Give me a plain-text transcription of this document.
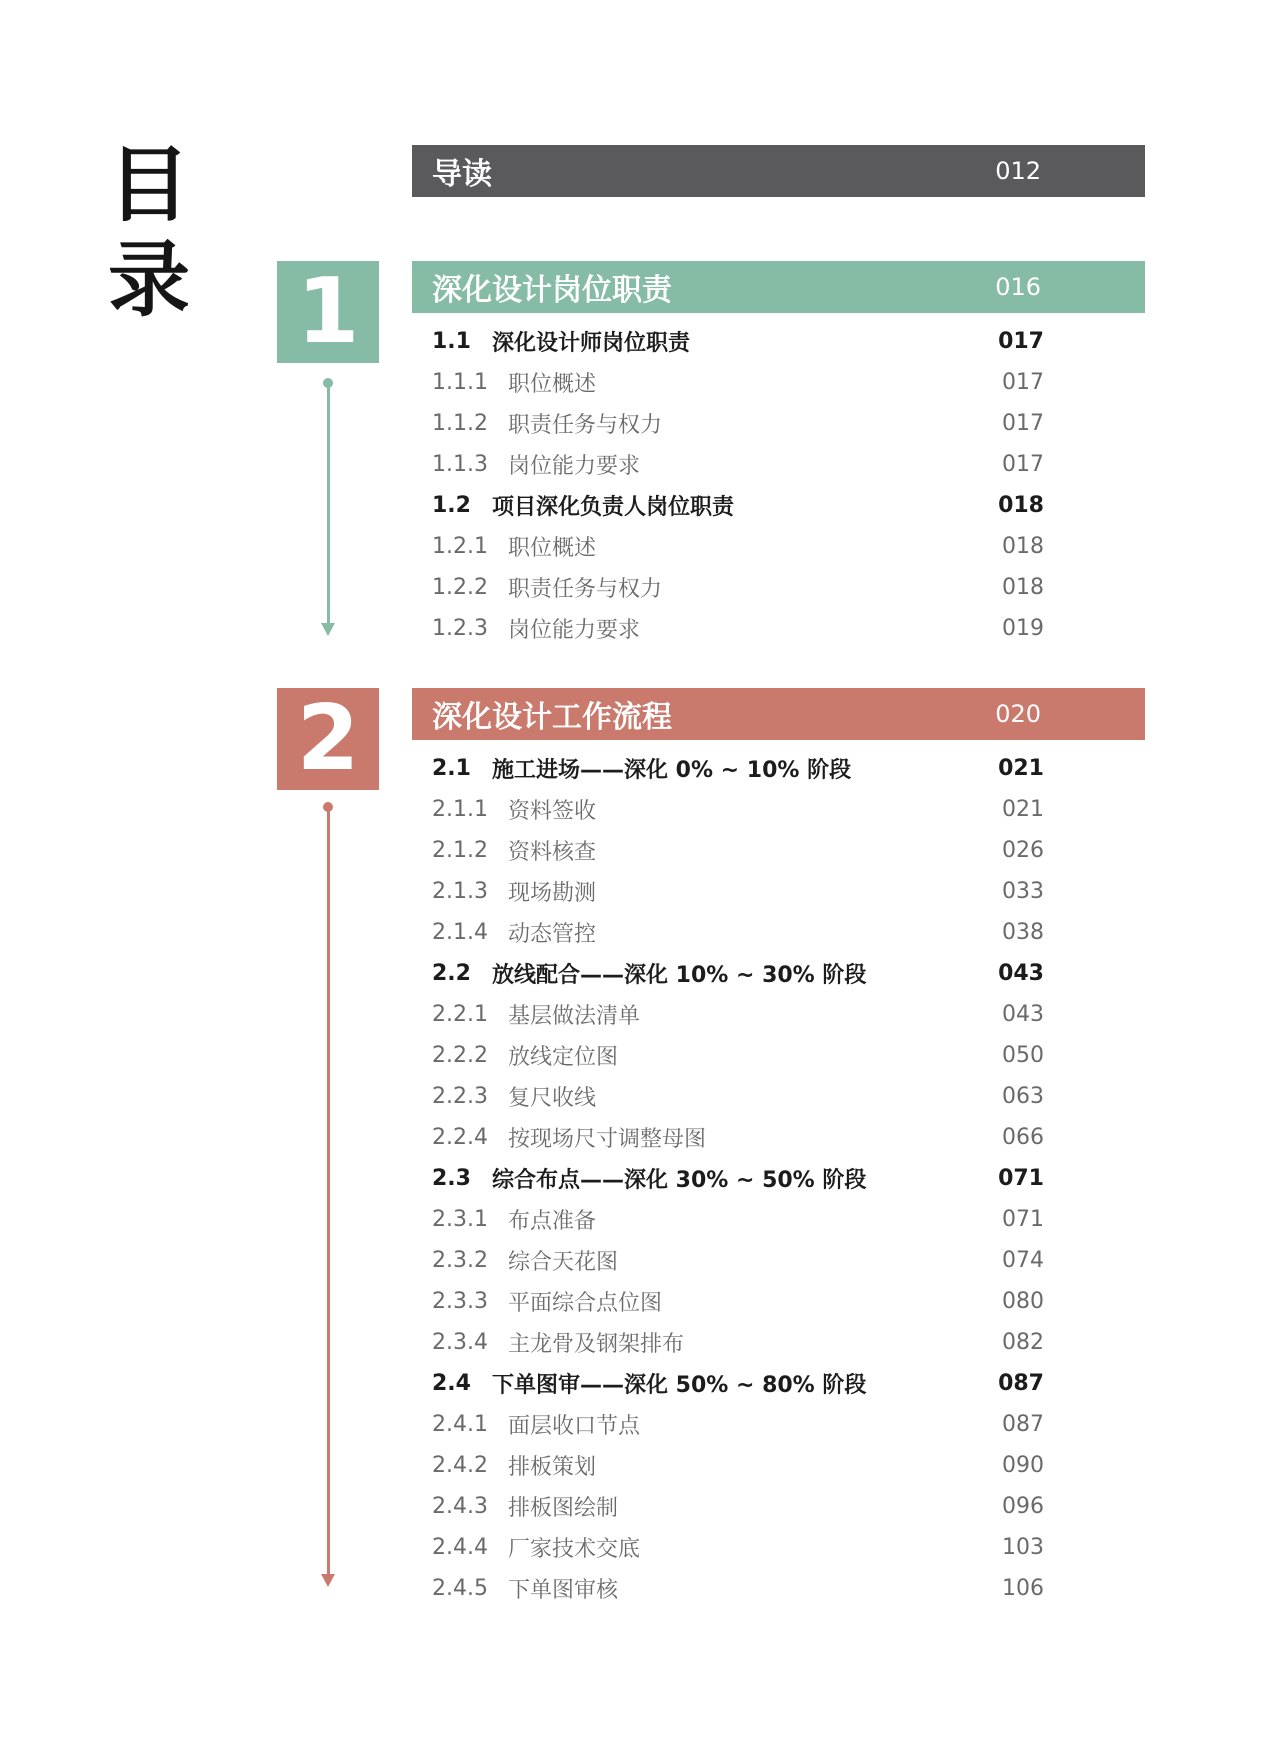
目
录
导读	012
1 深化设计岗位职责	016
1.1 深化设计师岗位职责	017
1.1.1 职位概述	017
1.1.2 职责任务与权力	017
1.1.3 岗位能力要求	017
1.2 项目深化负责人岗位职责	018
1.2.1 职位概述	018
1.2.2 职责任务与权力	018
1.2.3 岗位能力要求	019
2 深化设计工作流程	020
2.1 施工进场——深化 0% ~ 10% 阶段	021
2.1.1 资料签收	021
2.1.2 资料核查	026
2.1.3 现场勘测	033
2.1.4 动态管控	038
2.2 放线配合——深化 10% ~ 30% 阶段	043
2.2.1 基层做法清单	043
2.2.2 放线定位图	050
2.2.3 复尺收线	063
2.2.4 按现场尺寸调整母图	066
2.3 综合布点——深化 30% ~ 50% 阶段	071
2.3.1 布点准备	071
2.3.2 综合天花图	074
2.3.3 平面综合点位图	080
2.3.4 主龙骨及钢架排布	082
2.4 下单图审——深化 50% ~ 80% 阶段	087
2.4.1 面层收口节点	087
2.4.2 排板策划	090
2.4.3 排板图绘制	096
2.4.4 厂家技术交底	103
2.4.5 下单图审核	106
